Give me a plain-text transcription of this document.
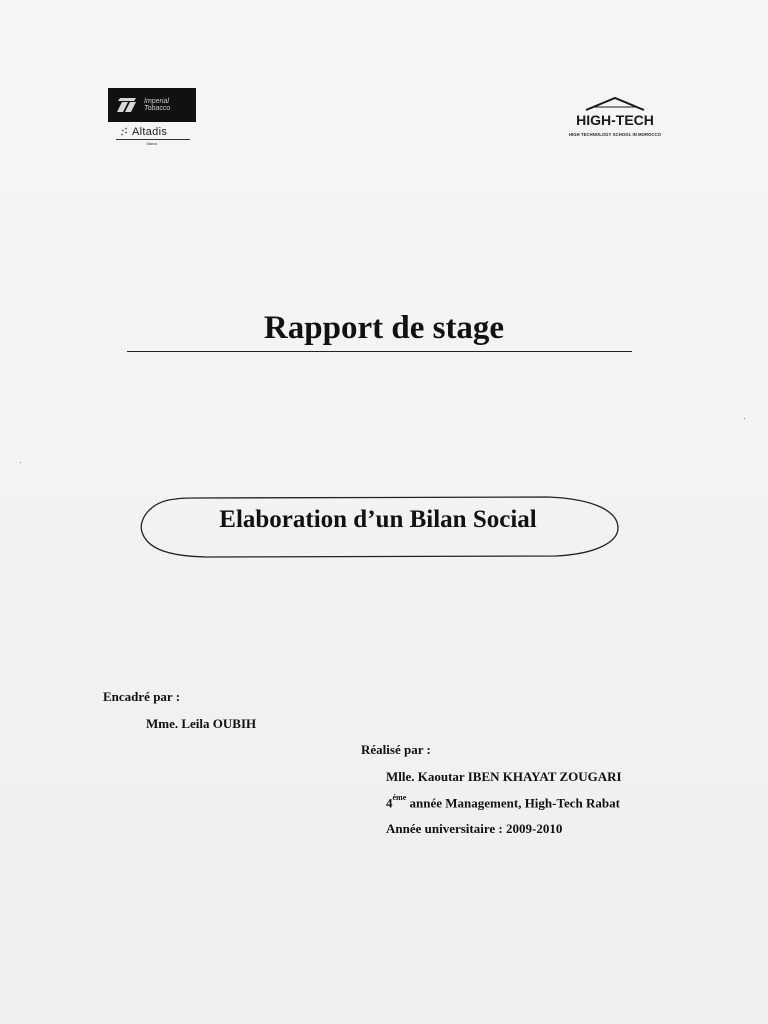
Imperial
Tobacco
Altadis
Maroc
HIGH-TECH
HIGH TECHNOLOGY SCHOOL IN MOROCCO
Rapport de stage
Elaboration d’un Bilan Social
Encadré par :
Mme. Leila OUBIH
Réalisé par :
Mlle. Kaoutar IBEN KHAYAT ZOUGARI
$4^{éme}$ année Management, High-Tech Rabat
Année universitaire : 2009-2010
